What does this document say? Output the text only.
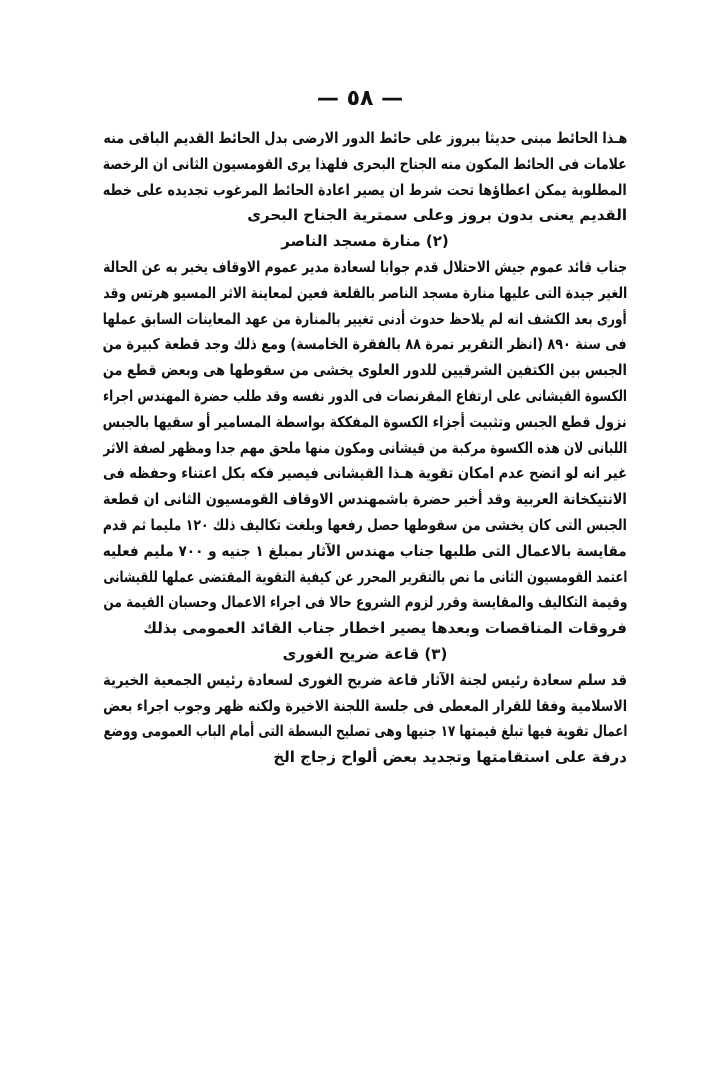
— ٥٨ —
هـذا الحائط مبنى حديثا ببروز على حائط الدور الارضى بدل الحائط القديم الباقى منه
علامات فى الحائط المكون منه الجناح البحرى فلهذا يرى القومسيون الثانى ان الرخصة
المطلوبة يمكن اعطاؤها تحت شرط ان يصير اعادة الحائط المرغوب تجديده على خطه
القديم يعنى بدون بروز وعلى سمترية الجناح البحرى
(٢) منارة مسجد الناصر
جناب قائد عموم جيش الاحتلال قدم جوابا لسعادة مدير عموم الاوقاف يخبر به عن الحالة
الغير جيدة التى عليها منارة مسجد الناصر بالقلعة فعين لمعاينة الاثر المسيو هرتس وقد
أورى بعد الكشف انه لم يلاحظ حدوث أدنى تغيير بالمنارة من عهد المعاينات السابق عملها
فى سنة ٨٩٠ (انظر التقرير نمرة ٨٨ بالفقرة الخامسة) ومع ذلك وجد قطعة كبيرة من
الجبس بين الكتفين الشرقيين للدور العلوى يخشى من سقوطها هى وبعض قطع من
الكسوة القيشانى على ارتفاع المقرنصات فى الدور نفسه وقد طلب حضرة المهندس اجراء
نزول قطع الجبس وتثبيت أجزاء الكسوة المفككة بواسطة المسامير أو سقيها بالجبس
اللبانى لان هذه الكسوة مركبة من قيشانى ومكون منها ملحق مهم جدا ومظهر لصفة الاثر
غير انه لو اتضح عدم امكان تقوية هـذا القيشانى فيصير فكه بكل اعتناء وحفظه فى
الانتيكخانة العربية وقد أخبر حضرة باشمهندس الاوقاف القومسيون الثانى ان قطعة
الجبس التى كان يخشى من سقوطها حصل رفعها وبلغت تكاليف ذلك ١٢٠ مليما ثم قدم
مقايسة بالاعمال التى طلبها جناب مهندس الآثار بمبلغ ١ جنيه و ٧٠٠ مليم فعليه
اعتمد القومسيون الثانى ما نص بالتقرير المحرر عن كيفية التقوية المقتضى عملها للقيشانى
وقيمة التكاليف والمقايسة وقرر لزوم الشروع حالا فى اجراء الاعمال وحسبان القيمة من
فروقات المناقصات وبعدها يصير اخطار جناب القائد العمومى بذلك
(٣) قاعة ضريح الغورى
قد سلم سعادة رئيس لجنة الآثار قاعة ضريح الغورى لسعادة رئيس الجمعية الخيرية
الاسلامية وفقا للقرار المعطى فى جلسة اللجنة الاخيرة ولكنه ظهر وجوب اجراء بعض
اعمال تقوية فيها تبلغ قيمتها ١٧ جنيها وهى تصليح البسطة التى أمام الباب العمومى ووضع
درفة على استقامتها وتجديد بعض ألواح زجاج الخ
